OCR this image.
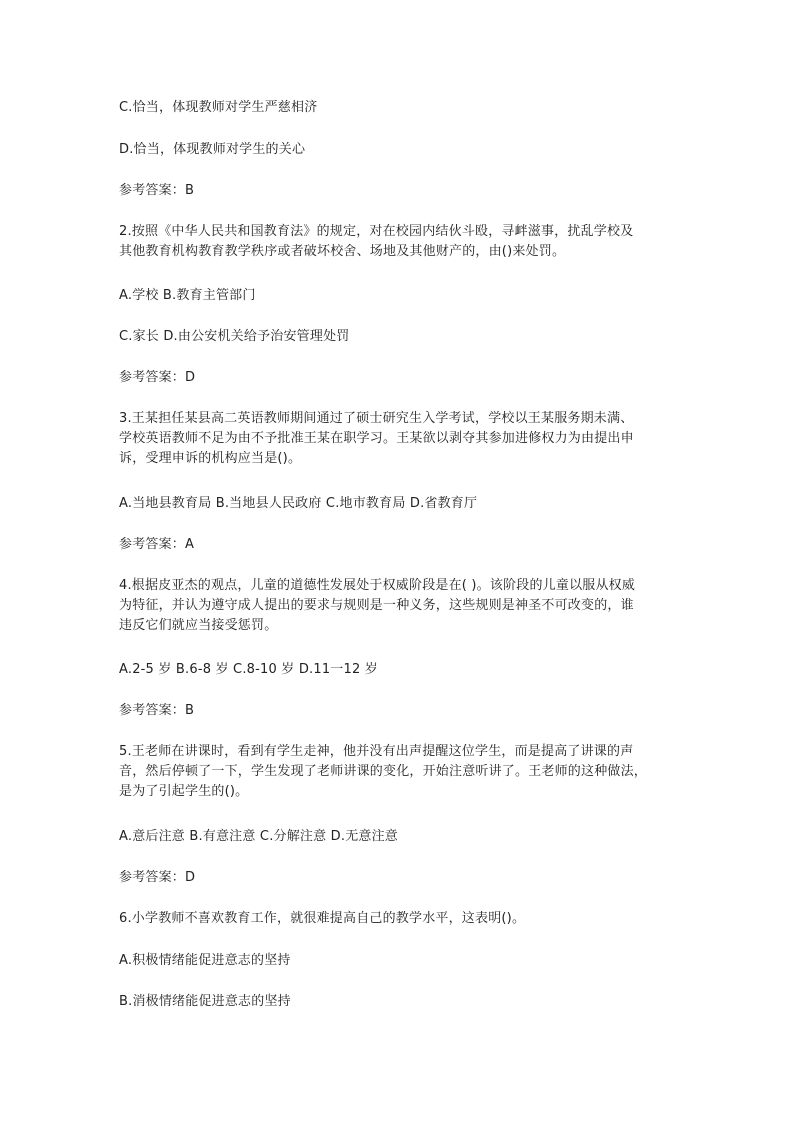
C.恰当，体现教师对学生严慈相济
D.恰当，体现教师对学生的关心
参考答案：B
2.按照《中华人民共和国教育法》的规定，对在校园内结伙斗殴，寻衅滋事，扰乱学校及
其他教育机构教育教学秩序或者破坏校舍、场地及其他财产的，由()来处罚。
A.学校 B.教育主管部门
C.家长 D.由公安机关给予治安管理处罚
参考答案：D
3.王某担任某县高二英语教师期间通过了硕士研究生入学考试，学校以王某服务期未满、
学校英语教师不足为由不予批准王某在职学习。王某欲以剥夺其参加进修权力为由提出申
诉，受理申诉的机构应当是()。
A.当地县教育局 B.当地县人民政府 C.地市教育局 D.省教育厅
参考答案：A
4.根据皮亚杰的观点，儿童的道德性发展处于权威阶段是在( )。该阶段的儿童以服从权威
为特征，并认为遵守成人提出的要求与规则是一种义务，这些规则是神圣不可改变的，谁
违反它们就应当接受惩罚。
A.2-5 岁 B.6-8 岁 C.8-10 岁 D.11一12 岁
参考答案：B
5.王老师在讲课时，看到有学生走神，他并没有出声提醒这位学生，而是提高了讲课的声
音，然后停顿了一下，学生发现了老师讲课的变化，开始注意听讲了。王老师的这种做法，
是为了引起学生的()。
A.意后注意 B.有意注意 C.分解注意 D.无意注意
参考答案：D
6.小学教师不喜欢教育工作，就很难提高自己的教学水平，这表明()。
A.积极情绪能促进意志的坚持
B.消极情绪能促进意志的坚持
